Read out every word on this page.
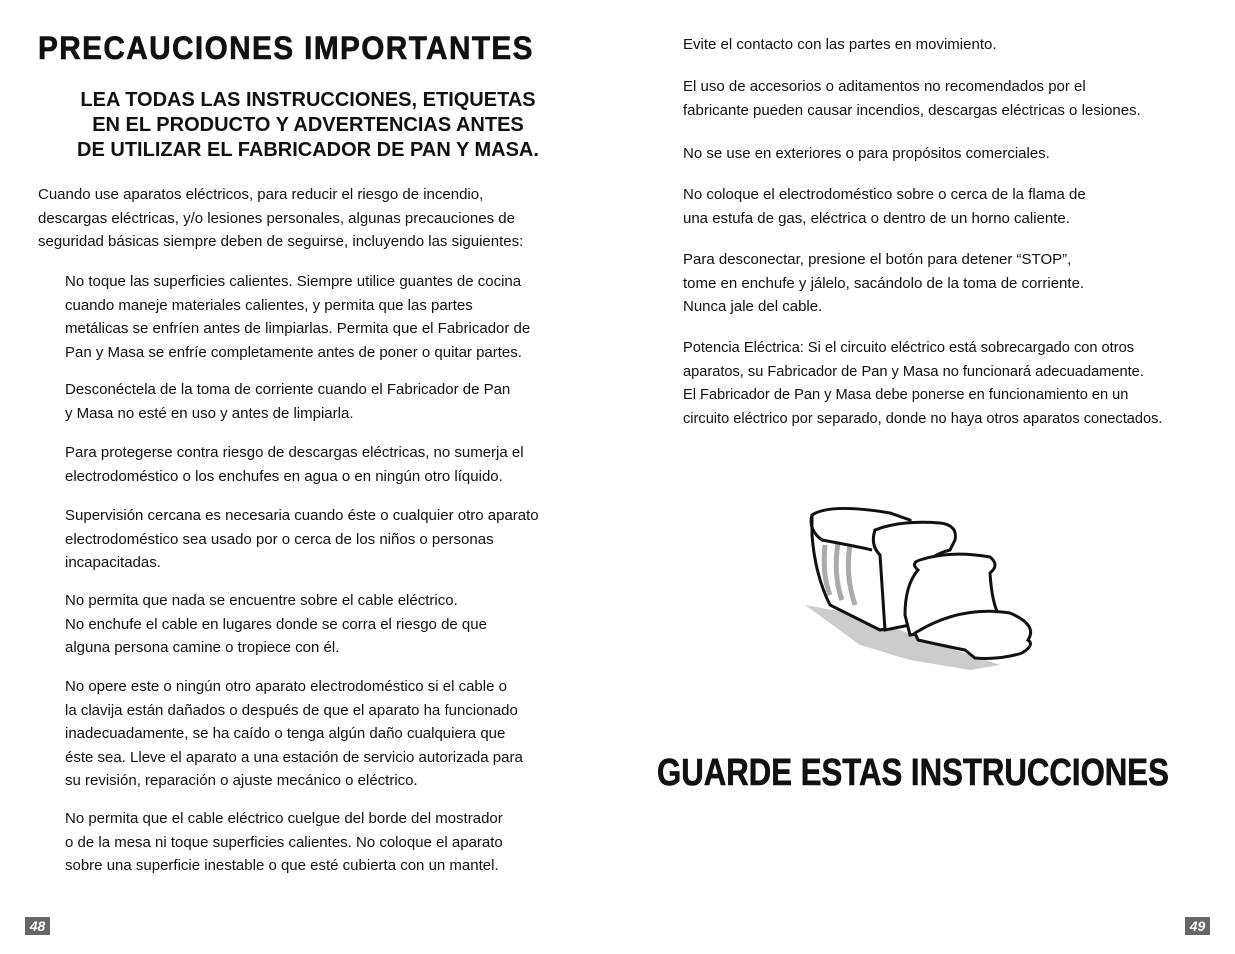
PRECAUCIONES IMPORTANTES
LEA TODAS LAS INSTRUCCIONES, ETIQUETAS
EN EL PRODUCTO Y ADVERTENCIAS ANTES
DE UTILIZAR EL FABRICADOR DE PAN Y MASA.
Cuando use aparatos eléctricos, para reducir el riesgo de incendio,
descargas eléctricas, y/o lesiones personales, algunas precauciones de
seguridad básicas siempre deben de seguirse, incluyendo las siguientes:
No toque las superficies calientes. Siempre utilice guantes de cocina
cuando maneje materiales calientes, y permita que las partes
metálicas se enfríen antes de limpiarlas. Permita que el Fabricador de
Pan y Masa se enfríe completamente antes de poner o quitar partes.
Desconéctela de la toma de corriente cuando el Fabricador de Pan
y Masa no esté en uso y antes de limpiarla.
Para protegerse contra riesgo de descargas eléctricas, no sumerja el
electrodoméstico o los enchufes en agua o en ningún otro líquido.
Supervisión cercana es necesaria cuando éste o cualquier otro aparato
electrodoméstico sea usado por o cerca de los niños o personas
incapacitadas.
No permita que nada se encuentre sobre el cable eléctrico.
No enchufe el cable en lugares donde se corra el riesgo de que
alguna persona camine o tropiece con él.
No opere este o ningún otro aparato electrodoméstico si el cable o
la clavija están dañados o después de que el aparato ha funcionado
inadecuadamente, se ha caído o tenga algún daño cualquiera que
éste sea. Lleve el aparato a una estación de servicio autorizada para
su revisión, reparación o ajuste mecánico o eléctrico.
No permita que el cable eléctrico cuelgue del borde del mostrador
o de la mesa ni toque superficies calientes. No coloque el aparato
sobre una superficie inestable o que esté cubierta con un mantel.
48
Evite el contacto con las partes en movimiento.
El uso de accesorios o aditamentos no recomendados por el
fabricante pueden causar incendios, descargas eléctricas o lesiones.
No se use en exteriores o para propósitos comerciales.
No coloque el electrodoméstico sobre o cerca de la flama de
una estufa de gas, eléctrica o dentro de un horno caliente.
Para desconectar, presione el botón para detener “STOP”,
tome en enchufe y jálelo, sacándolo de la toma de corriente.
Nunca jale del cable.
Potencia Eléctrica: Si el circuito eléctrico está sobrecargado con otros
aparatos, su Fabricador de Pan y Masa no funcionará adecuadamente.
El Fabricador de Pan y Masa debe ponerse en funcionamiento en un
circuito eléctrico por separado, donde no haya otros aparatos conectados.
GUARDE ESTAS INSTRUCCIONES
49
